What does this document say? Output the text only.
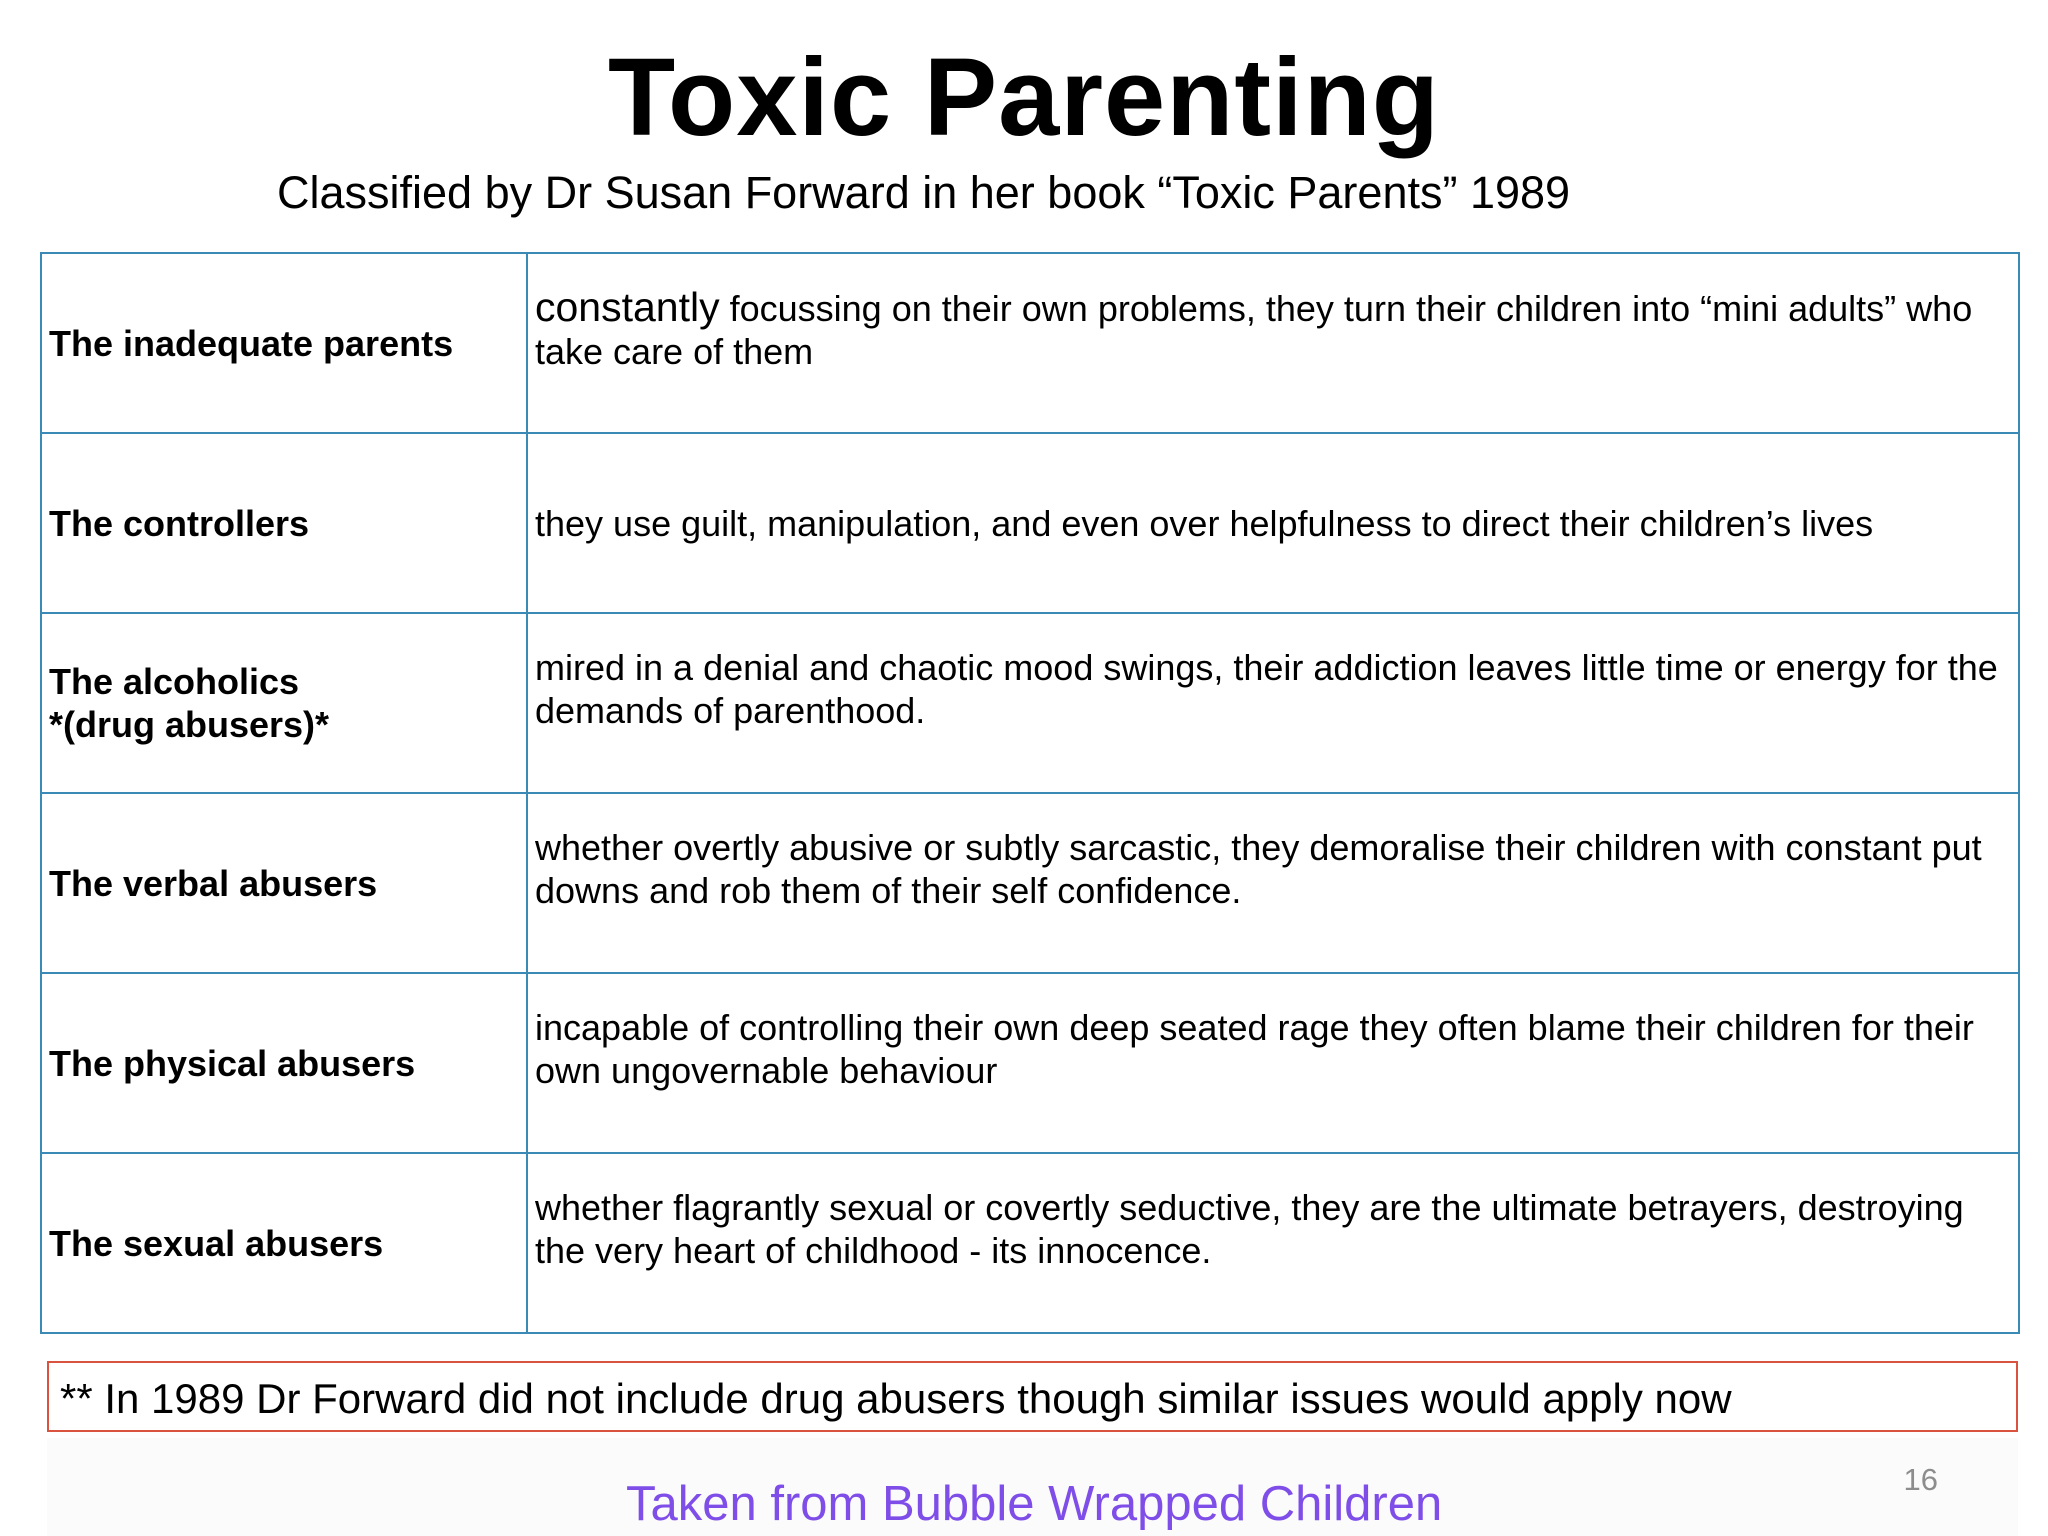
Toxic Parenting
Classified by Dr Susan Forward in her book “Toxic Parents” 1989
The inadequate parents	constantly focussing on their own problems, they turn their children into “mini adults” who take care of them

The controllers	they use guilt, manipulation, and even over helpfulness to direct their children’s lives

The alcoholics
*(drug abusers)*	mired in a denial and chaotic mood swings, their addiction leaves little time or energy for the demands of parenthood.

The verbal abusers	whether overtly abusive or subtly sarcastic, they demoralise their children with constant put downs and rob them of their self confidence.

The physical abusers	incapable of controlling their own deep seated rage they often blame their children for their own ungovernable behaviour

The sexual abusers	whether flagrantly sexual or covertly seductive, they are the ultimate betrayers, destroying the very heart of childhood - its innocence.
** In 1989 Dr Forward did not include drug abusers though similar issues would apply now
16
Taken from Bubble Wrapped Children
